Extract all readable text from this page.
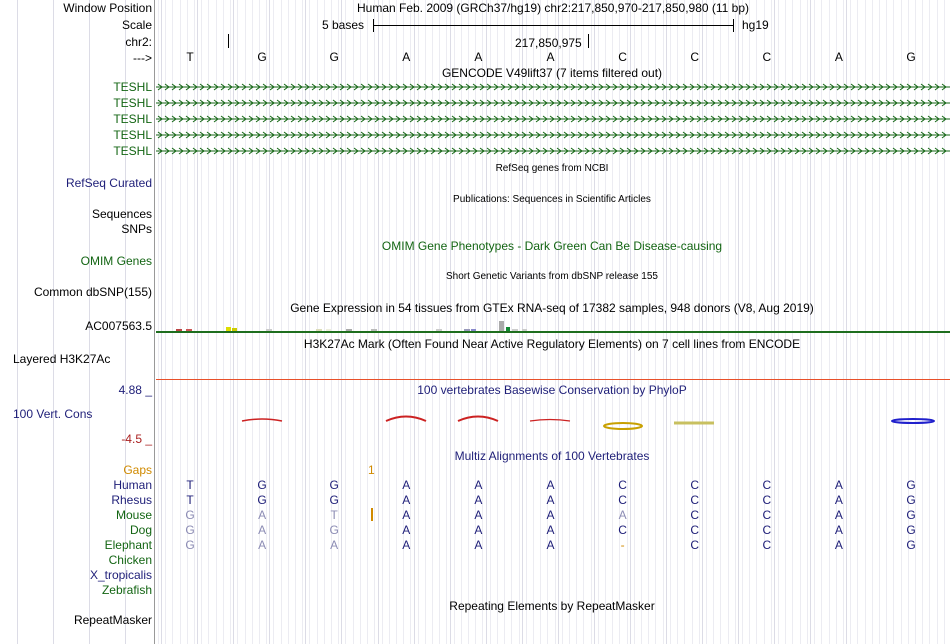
Window Position	Human Feb. 2009 (GRCh37/hg19) chr2:217,850,970-217,850,980 (11 bp)
Scale	5 bases	hg19
chr2:	217,850,975
--->
GENCODE V49lift37 (7 items filtered out)
RefSeq genes from NCBI
RefSeq Curated
Publications: Sequences in Scientific Articles
Sequences
SNPs
OMIM Gene Phenotypes - Dark Green Can Be Disease-causing
OMIM Genes
Short Genetic Variants from dbSNP release 155
Common dbSNP(155)
Gene Expression in 54 tissues from GTEx RNA-seq of 17382 samples, 948 donors (V8, Aug 2019)
AC007563.5
H3K27Ac Mark (Often Found Near Active Regulatory Elements) on 7 cell lines from ENCODE
Layered H3K27Ac
100 vertebrates Basewise Conservation by PhyloP
4.88 _
100 Vert. Cons
-4.5 _
Multiz Alignments of 100 Vertebrates
Gaps	1
Repeating Elements by RepeatMasker
RepeatMasker
T	G	G	A	A	A	C	C	C	A	G
TESHL
TESHL
TESHL
TESHL
TESHL
Human	T	G	G	A	A	A	C	C	C	A	G
Rhesus	T	G	G	A	A	A	C	C	C	A	G
Mouse	G	A	T	A	A	A	A	C	C	A	G
Dog	G	A	G	A	A	A	C	C	C	A	G
Elephant	G	A	A	A	A	A	-	C	C	A	G
Chicken
X_tropicalis
Zebrafish
